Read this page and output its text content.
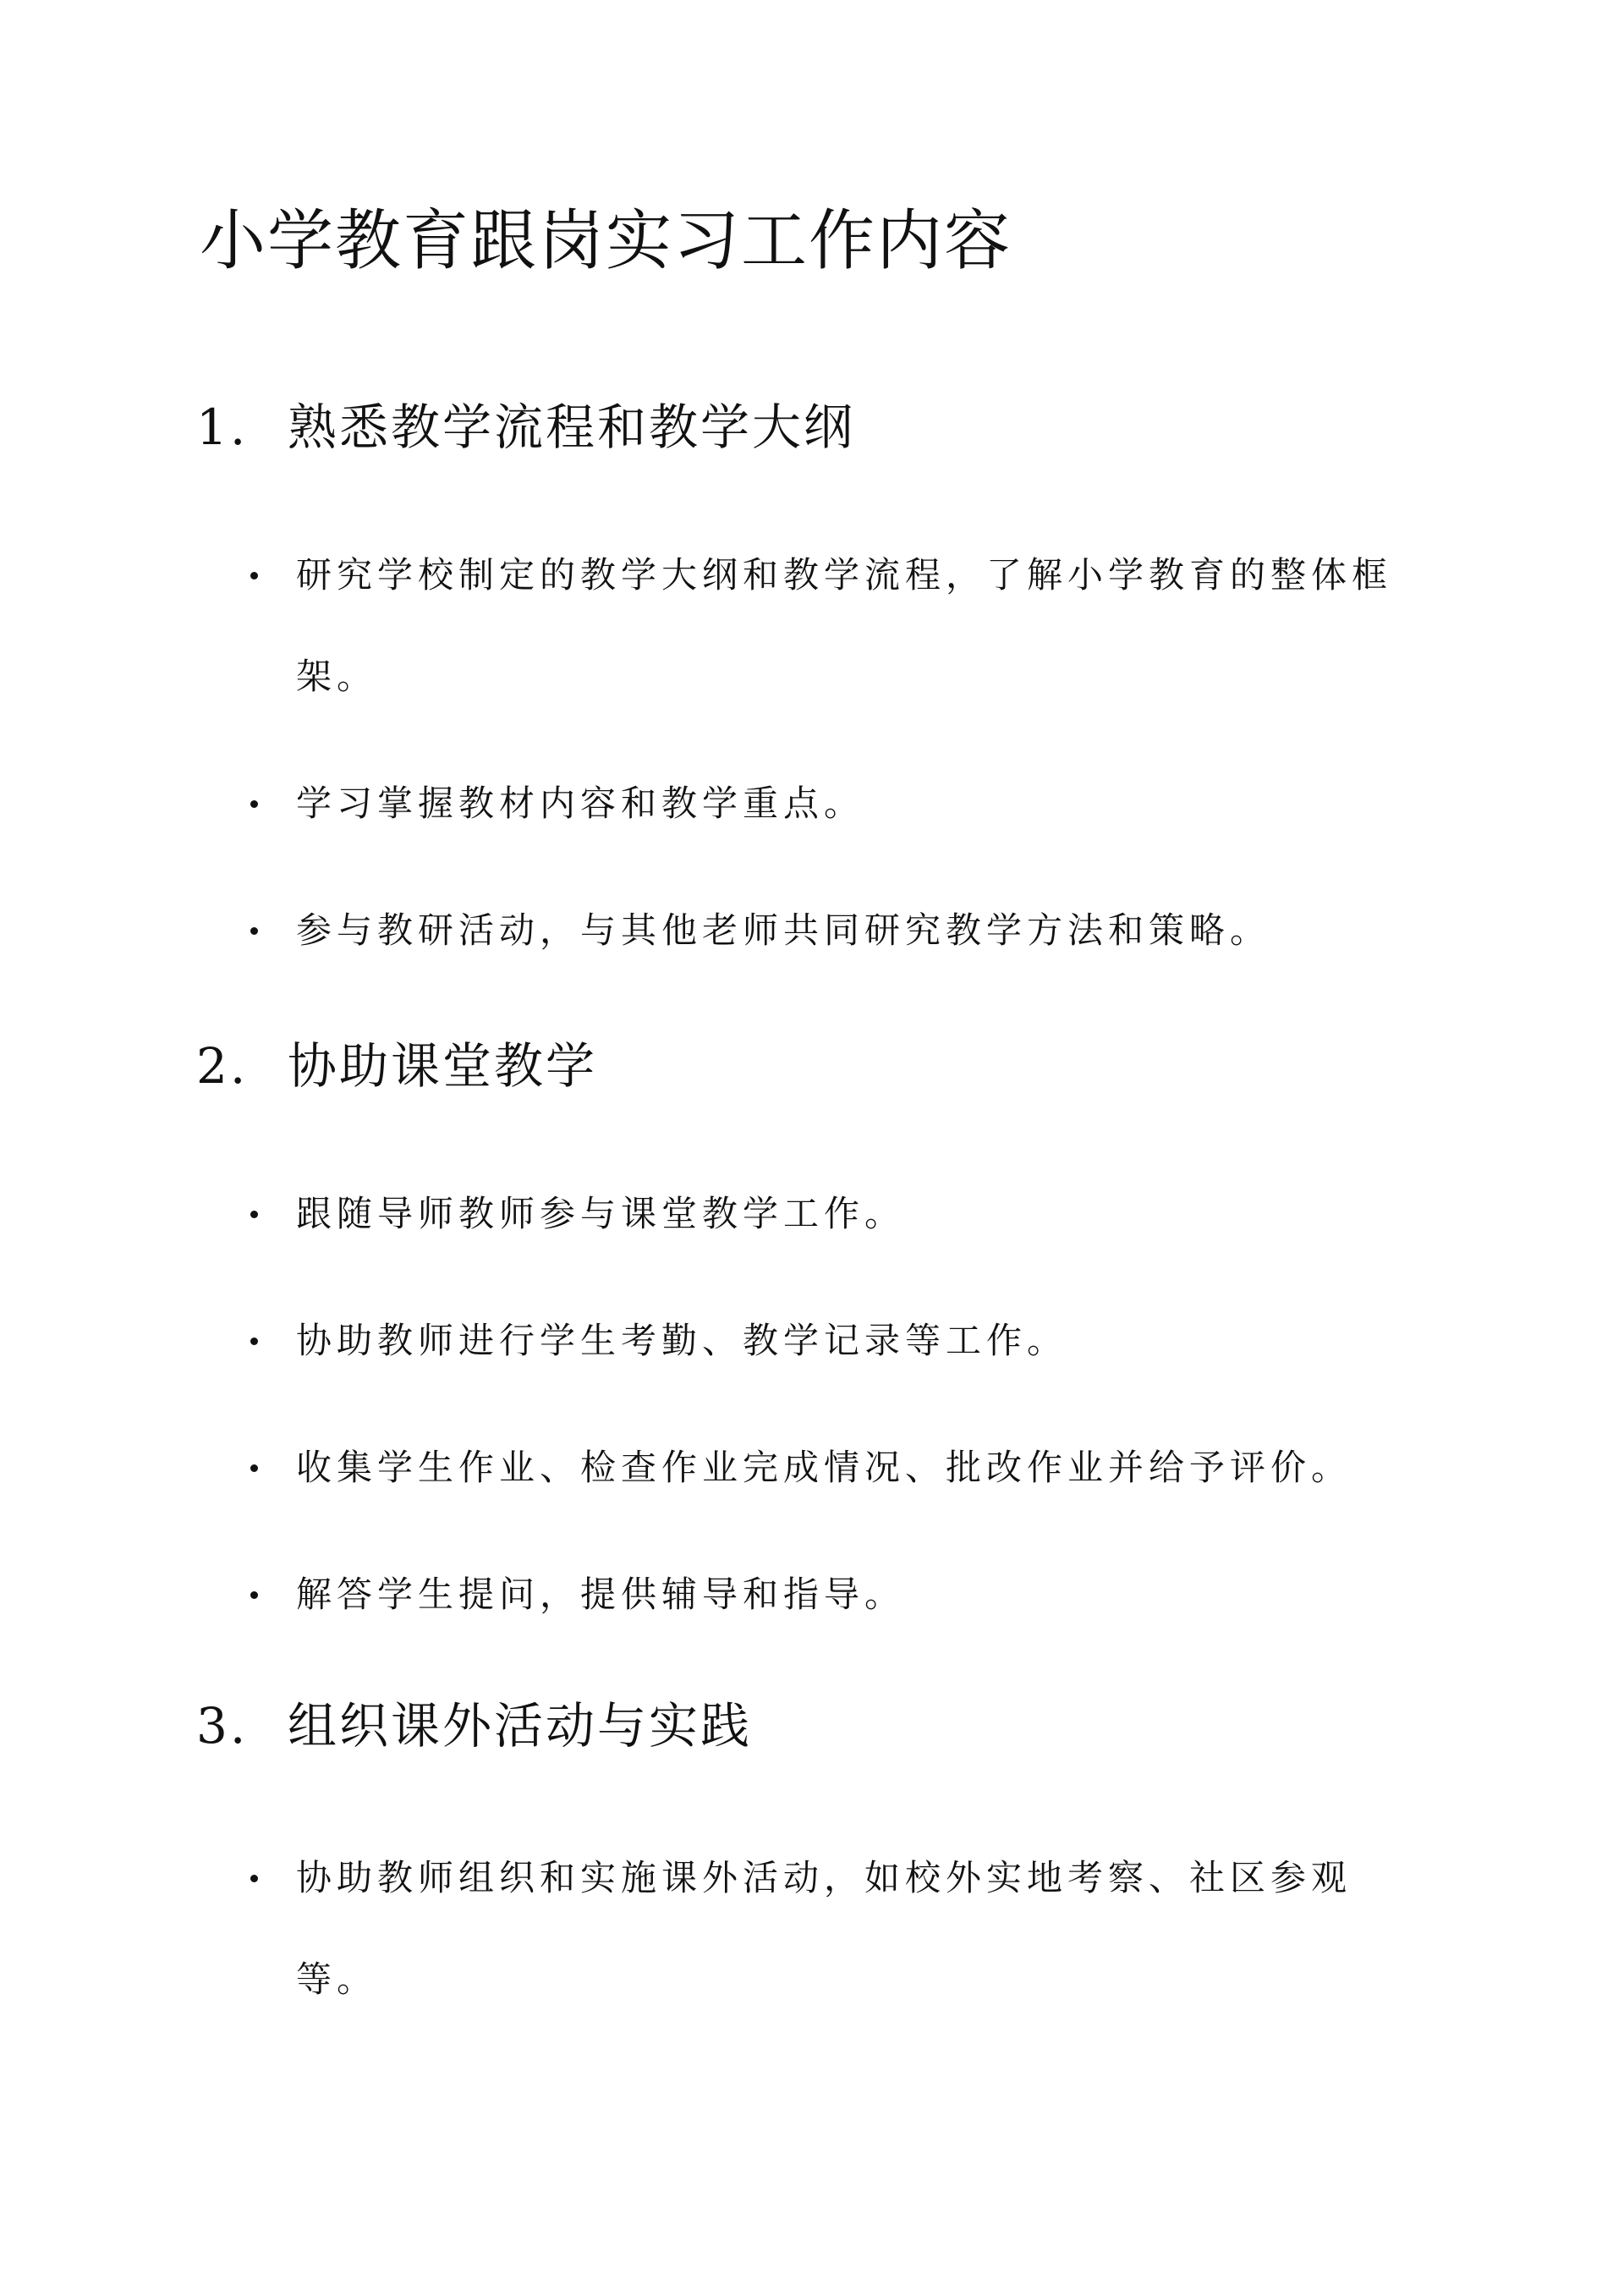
小学教育跟岗实习工作内容
1. 熟悉教学流程和教学大纲
研究学校制定的教学大纲和教学流程，了解小学教育的整体框架。
学习掌握教材内容和教学重点。
参与教研活动，与其他老师共同研究教学方法和策略。
2. 协助课堂教学
跟随导师教师参与课堂教学工作。
协助教师进行学生考勤、教学记录等工作。
收集学生作业、检查作业完成情况、批改作业并给予评价。
解答学生提问，提供辅导和指导。
3. 组织课外活动与实践
协助教师组织和实施课外活动，如校外实地考察、社区参观等。
